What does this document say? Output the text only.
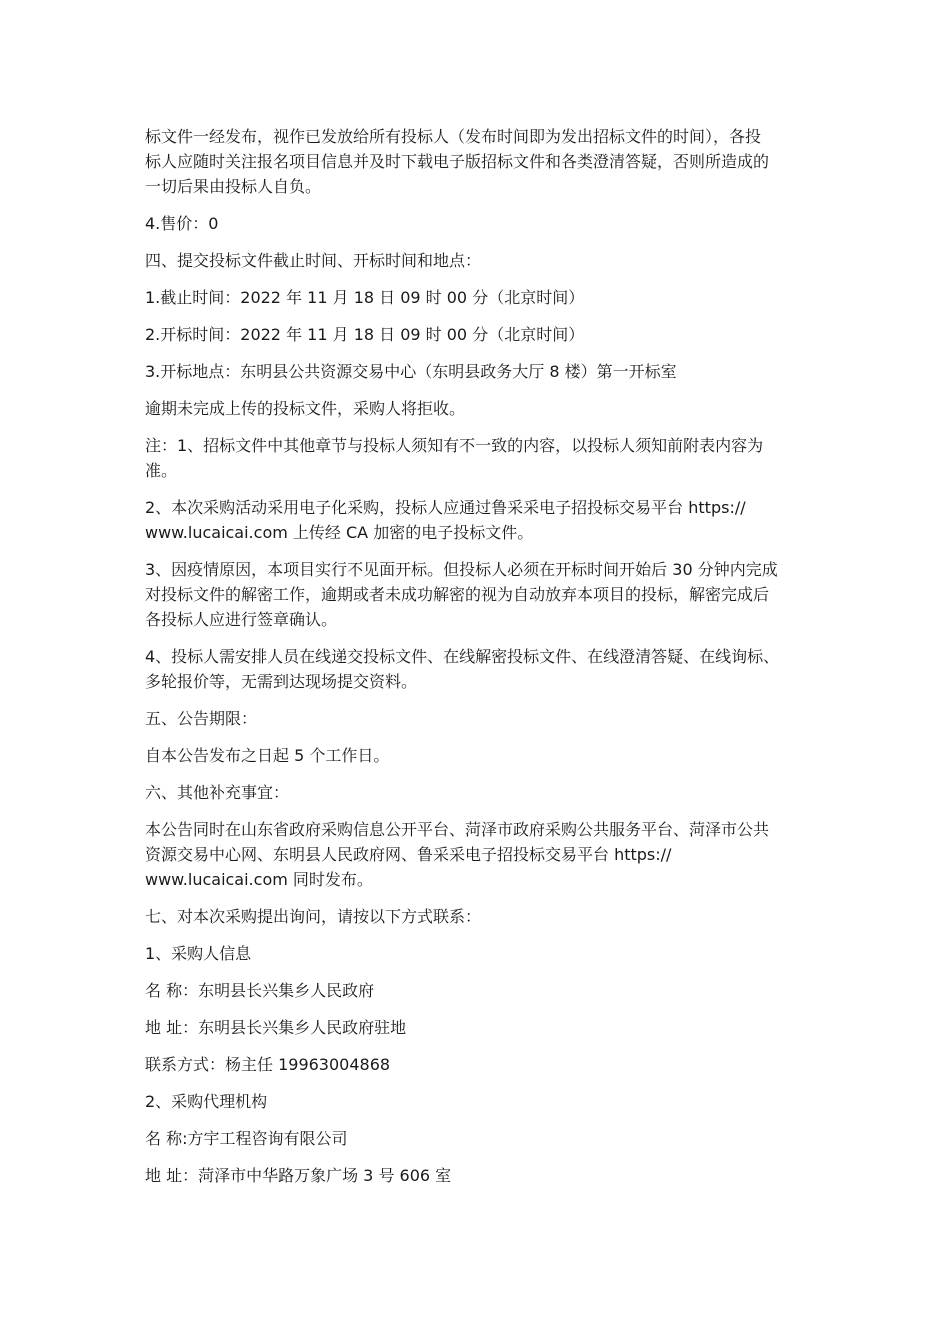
标文件一经发布，视作已发放给所有投标人（发布时间即为发出招标文件的时间），各投
标人应随时关注报名项目信息并及时下载电子版招标文件和各类澄清答疑，否则所造成的
一切后果由投标人自负。

4.售价：0

四、提交投标文件截止时间、开标时间和地点：

1.截止时间：2022 年 11 月 18 日 09 时 00 分（北京时间）

2.开标时间：2022 年 11 月 18 日 09 时 00 分（北京时间）

3.开标地点：东明县公共资源交易中心（东明县政务大厅 8 楼）第一开标室

逾期未完成上传的投标文件，采购人将拒收。

注：1、招标文件中其他章节与投标人须知有不一致的内容，以投标人须知前附表内容为
准。

2、本次采购活动采用电子化采购，投标人应通过鲁采采电子招投标交易平台 https://
www.lucaicai.com 上传经 CA 加密的电子投标文件。

3、因疫情原因，本项目实行不见面开标。但投标人必须在开标时间开始后 30 分钟内完成
对投标文件的解密工作，逾期或者未成功解密的视为自动放弃本项目的投标，解密完成后
各投标人应进行签章确认。

4、投标人需安排人员在线递交投标文件、在线解密投标文件、在线澄清答疑、在线询标、
多轮报价等，无需到达现场提交资料。

五、公告期限：

自本公告发布之日起 5 个工作日。

六、其他补充事宜：

本公告同时在山东省政府采购信息公开平台、菏泽市政府采购公共服务平台、菏泽市公共
资源交易中心网、东明县人民政府网、鲁采采电子招投标交易平台 https://
www.lucaicai.com 同时发布。

七、对本次采购提出询问，请按以下方式联系：

1、采购人信息

名 称：东明县长兴集乡人民政府

地 址：东明县长兴集乡人民政府驻地

联系方式：杨主任 19963004868

2、采购代理机构

名 称:方宇工程咨询有限公司

地 址：菏泽市中华路万象广场 3 号 606 室
